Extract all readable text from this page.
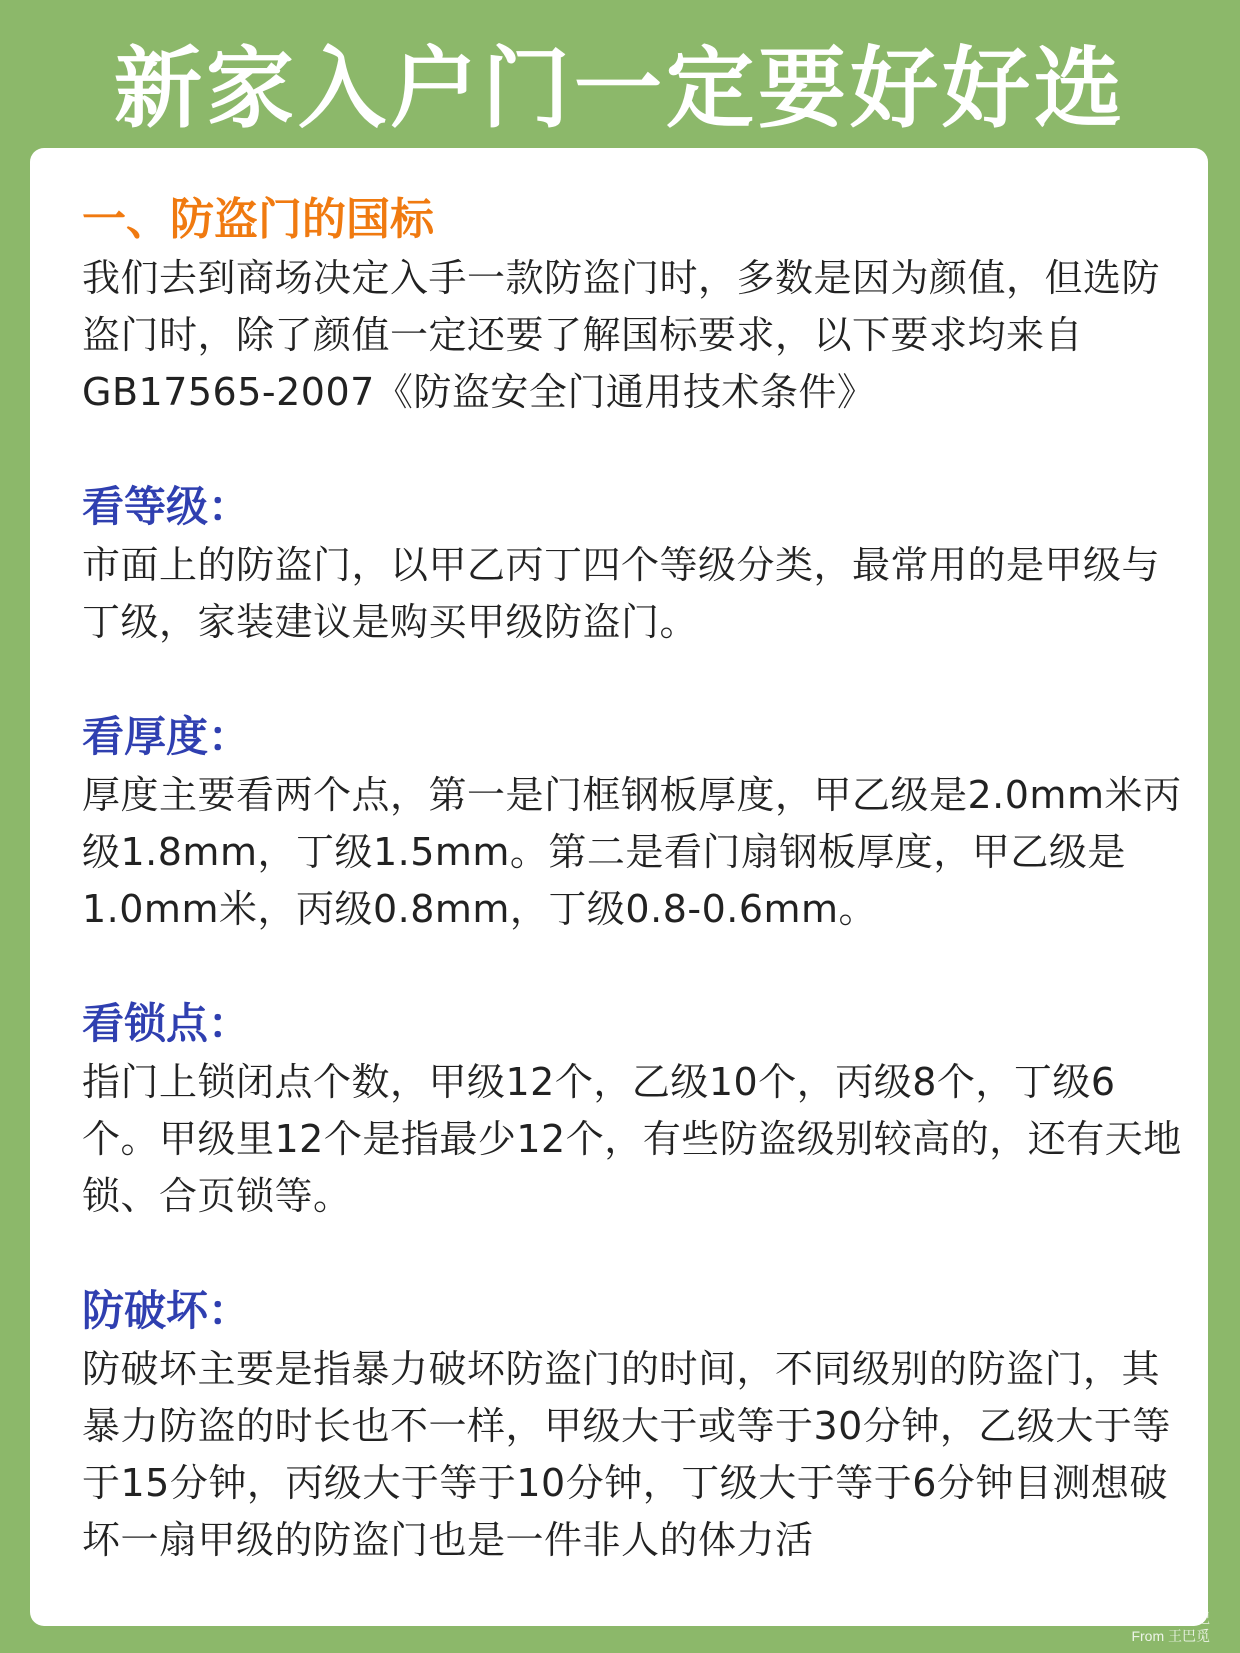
新家入户门一定要好好选

一、防盗门的国标

我们去到商场决定入手一款防盗门时，多数是因为颜值，但选防盗门时，除了颜值一定还要了解国标要求，以下要求均来自GB17565-2007《防盗安全门通用技术条件》

看等级：

市面上的防盗门，以甲乙丙丁四个等级分类，最常用的是甲级与丁级，家装建议是购买甲级防盗门。

看厚度：

厚度主要看两个点，第一是门框钢板厚度，甲乙级是2.0mm米丙级1.8mm，丁级1.5mm。第二是看门扇钢板厚度，甲乙级是1.0mm米，丙级0.8mm，丁级0.8-0.6mm。

看锁点：

指门上锁闭点个数，甲级12个，乙级10个，丙级8个，丁级6个。甲级里12个是指最少12个，有些防盗级别较高的，还有天地锁、合页锁等。

防破坏：

防破坏主要是指暴力破坏防盗门的时间，不同级别的防盗门，其暴力防盗的时长也不一样，甲级大于或等于30分钟，乙级大于等于15分钟，丙级大于等于10分钟，丁级大于等于6分钟目测想破坏一扇甲级的防盗门也是一件非人的体力活

日记
From 王巴觅
